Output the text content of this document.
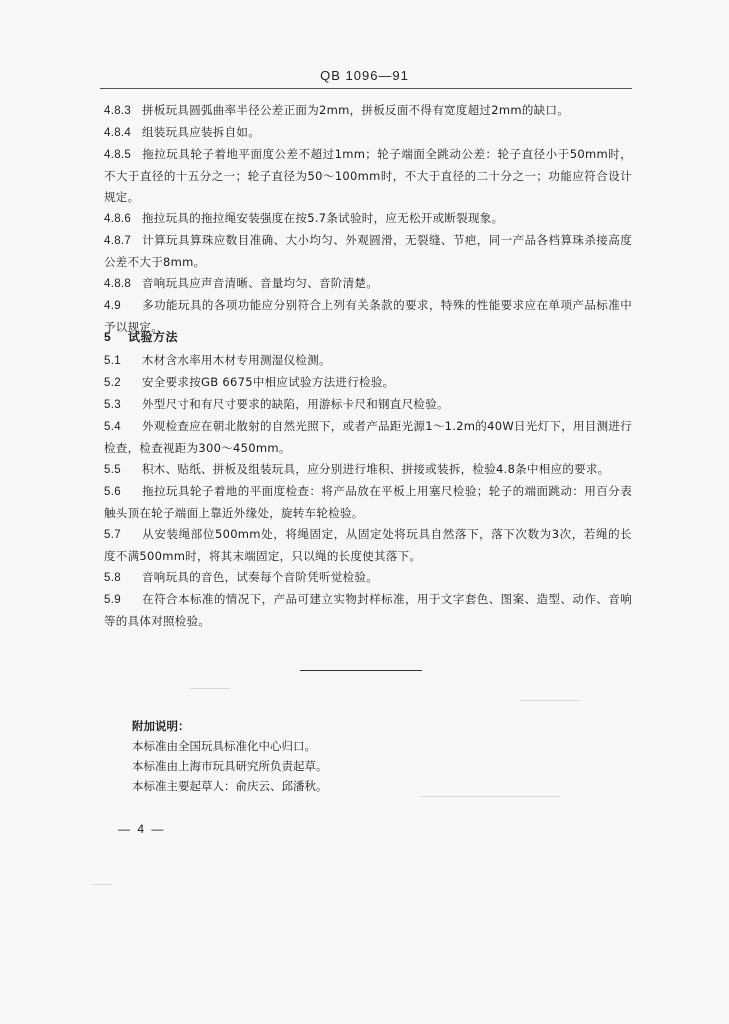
QB 1096—91

4.8.3 拼板玩具圆弧曲率半径公差正面为2mm，拼板反面不得有宽度超过2mm的缺口。

4.8.4 组装玩具应装拆自如。

4.8.5 拖拉玩具轮子着地平面度公差不超过1mm；轮子端面全跳动公差：轮子直径小于50mm时，不大于直径的十五分之一；轮子直径为50～100mm时，不大于直径的二十分之一；功能应符合设计规定。

4.8.6 拖拉玩具的拖拉绳安装强度在按5.7条试验时，应无松开或断裂现象。

4.8.7 计算玩具算珠应数目准确、大小均匀、外观圆滑，无裂缝、节疤，同一产品各档算珠杀接高度公差不大于8mm。

4.8.8 音响玩具应声音清晰、音量均匀、音阶清楚。

4.9 多功能玩具的各项功能应分别符合上列有关条款的要求，特殊的性能要求应在单项产品标准中予以规定。

5 试验方法

5.1 木材含水率用木材专用测湿仪检测。

5.2 安全要求按GB 6675中相应试验方法进行检验。

5.3 外型尺寸和有尺寸要求的缺陷，用游标卡尺和钢直尺检验。

5.4 外观检查应在朝北散射的自然光照下，或者产品距光源1～1.2m的40W日光灯下，用目测进行检查，检查视距为300～450mm。

5.5 积木、贴纸、拼板及组装玩具，应分别进行堆积、拼接或装拆，检验4.8条中相应的要求。

5.6 拖拉玩具轮子着地的平面度检查：将产品放在平板上用塞尺检验；轮子的端面跳动：用百分表触头顶在轮子端面上靠近外缘处，旋转车轮检验。

5.7 从安装绳部位500mm处，将绳固定，从固定处将玩具自然落下，落下次数为3次，若绳的长度不满500mm时，将其末端固定，只以绳的长度使其落下。

5.8 音响玩具的音色，试奏每个音阶凭听觉检验。

5.9 在符合本标准的情况下，产品可建立实物封样标准，用于文字套色、图案、造型、动作、音响等的具体对照检验。

附加说明：

本标准由全国玩具标准化中心归口。

本标准由上海市玩具研究所负责起草。

本标准主要起草人：俞庆云、邱潘秋。

— 4 —
